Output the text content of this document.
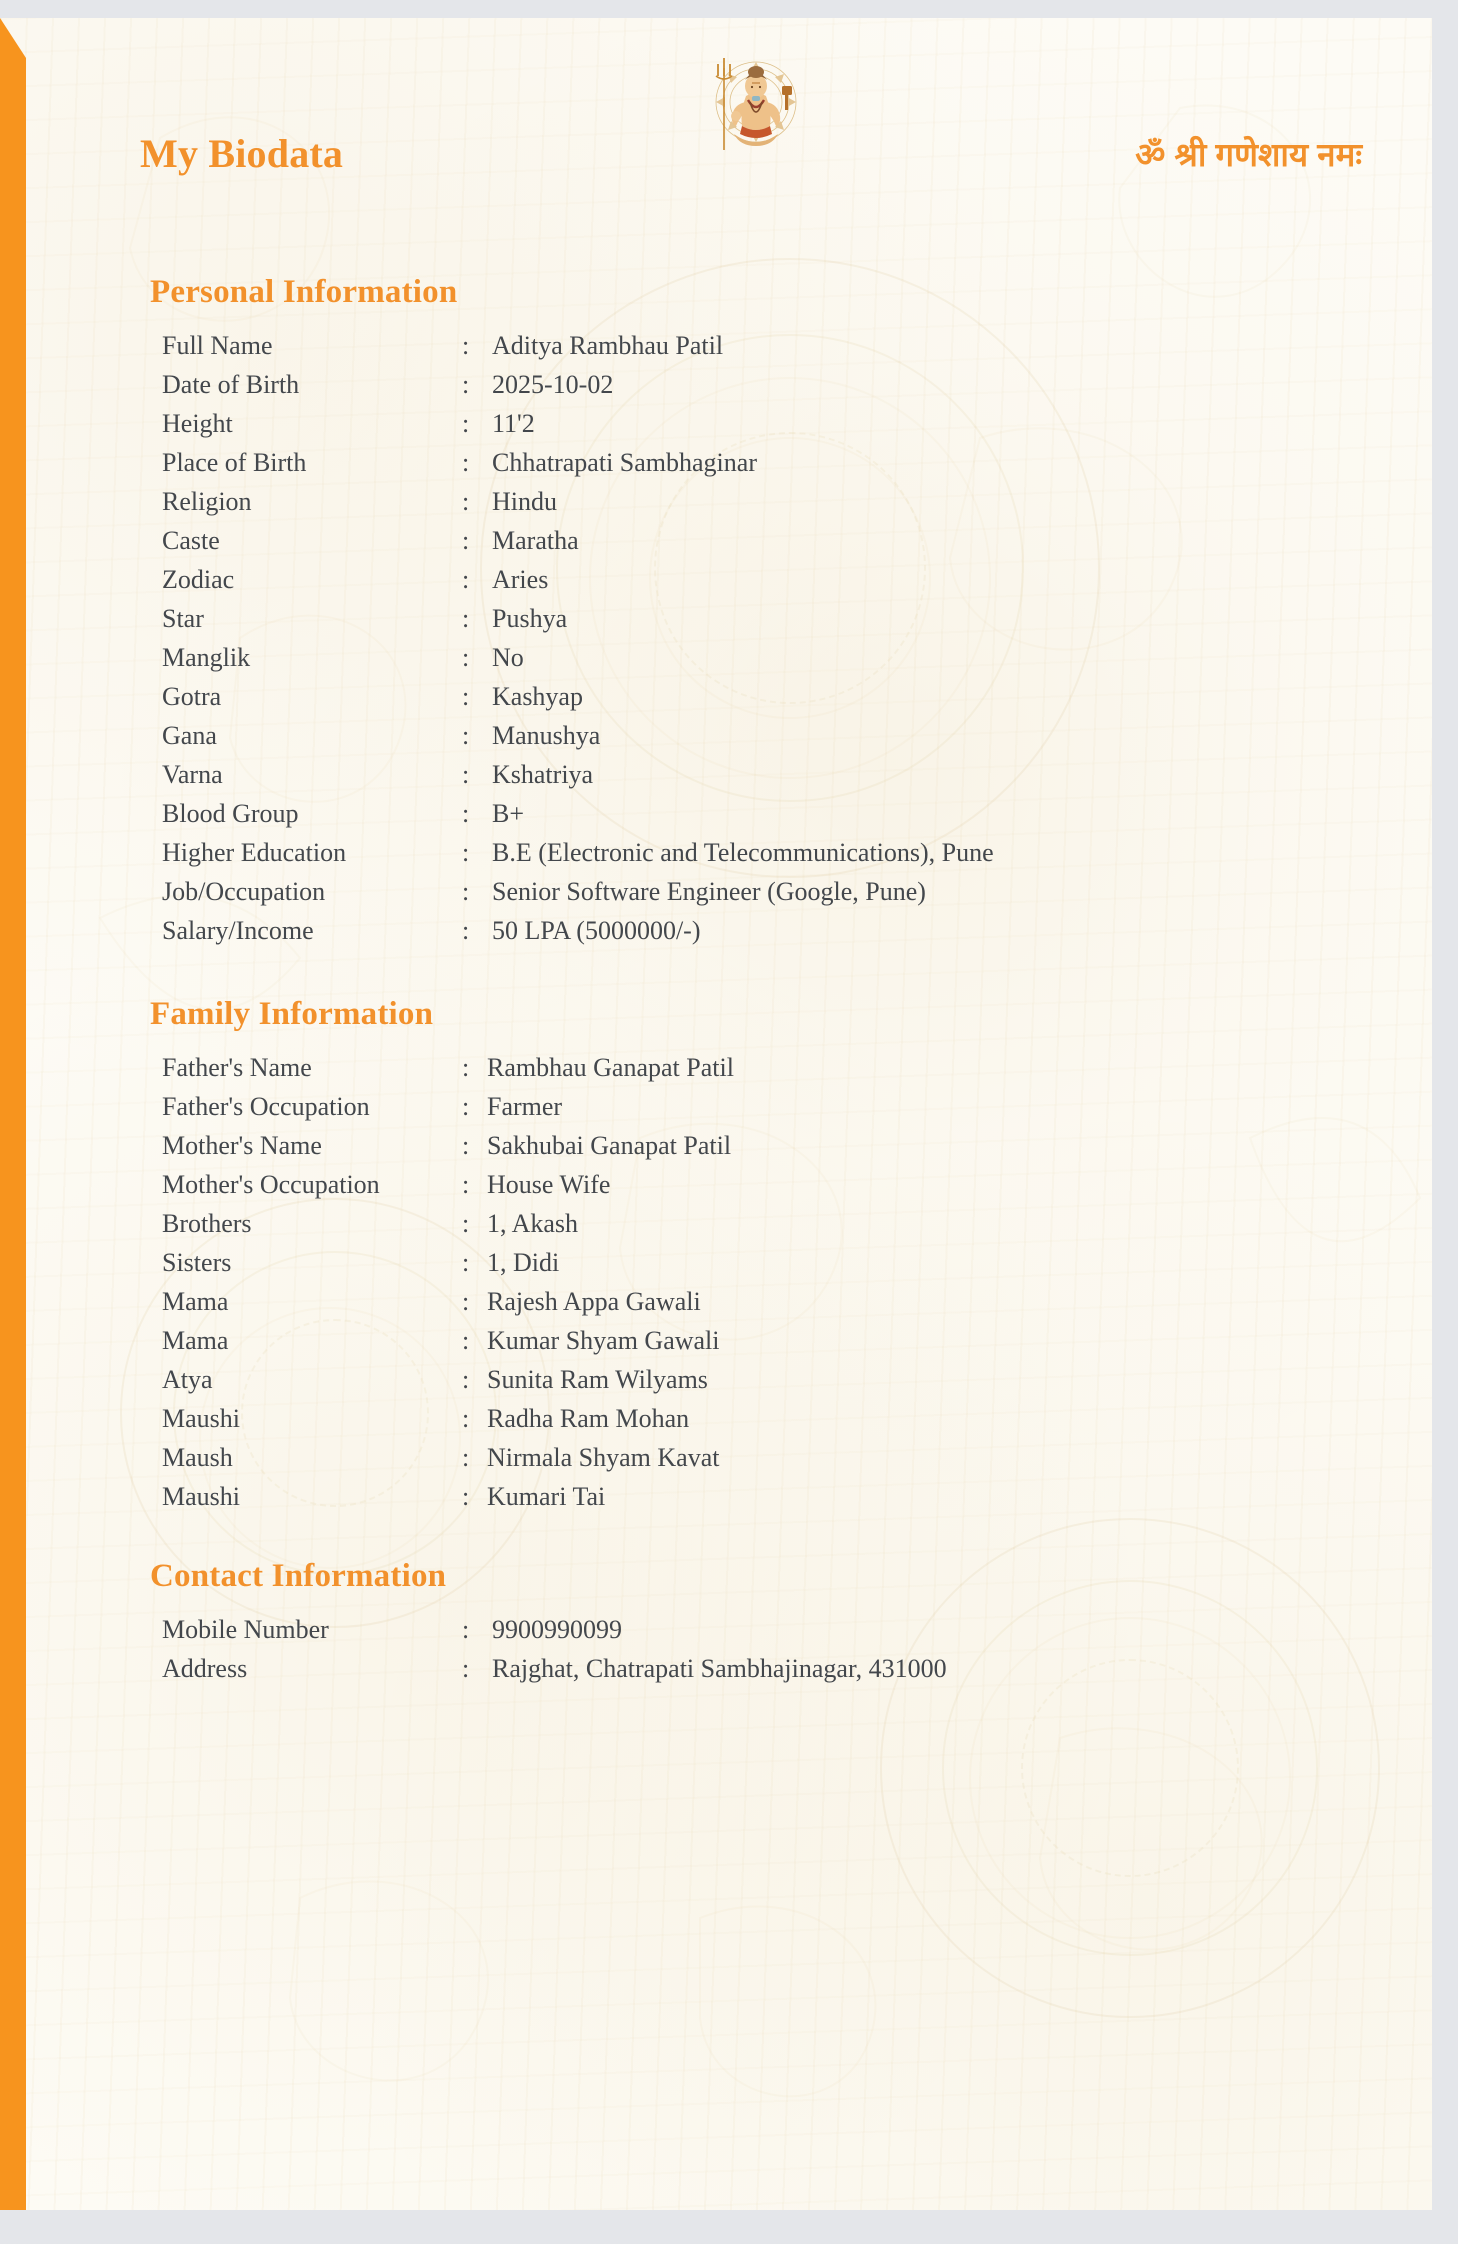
My Biodata	ॐ श्री गणेशाय नमः
Personal Information
Full Name	: Aditya Rambhau Patil
Date of Birth	: 2025-10-02
Height	: 11'2
Place of Birth	: Chhatrapati Sambhaginar
Religion	: Hindu
Caste	: Maratha
Zodiac	: Aries
Star	: Pushya
Manglik	: No
Gotra	: Kashyap
Gana	: Manushya
Varna	: Kshatriya
Blood Group	: B+
Higher Education	: B.E (Electronic and Telecommunications), Pune
Job/Occupation	: Senior Software Engineer (Google, Pune)
Salary/Income	: 50 LPA (5000000/-)
Family Information
Father's Name	: Rambhau Ganapat Patil
Father's Occupation	: Farmer
Mother's Name	: Sakhubai Ganapat Patil
Mother's Occupation	: House Wife
Brothers	: 1, Akash
Sisters	: 1, Didi
Mama	: Rajesh Appa Gawali
Mama	: Kumar Shyam Gawali
Atya	: Sunita Ram Wilyams
Maushi	: Radha Ram Mohan
Maush	: Nirmala Shyam Kavat
Maushi	: Kumari Tai
Contact Information
Mobile Number	: 9900990099
Address	: Rajghat, Chatrapati Sambhajinagar, 431000
